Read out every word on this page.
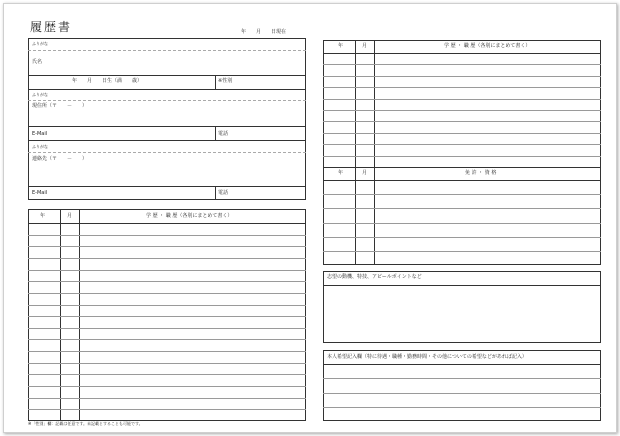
履歴書	年　　月　　日現在
ふりがな
氏名
年　　月　　日生（満　　歳）	※性別
ふりがな
現住所（〒　　－　　）
E-Mail	電話
ふりがな
連絡先（〒　　－　　）
E-Mail	電話
年	月	学 歴 ・ 職 歴（各別にまとめて書く）
※「性別」欄：記載は任意です。未記載とすることも可能です。
年	月	学 歴 ・ 職 歴（各別にまとめて書く）
年	月	免 許 ・ 資 格
志望の動機、特技、アピールポイントなど
本人希望記入欄（特に待遇・職種・勤務時間・その他についての希望などがあれば記入）
